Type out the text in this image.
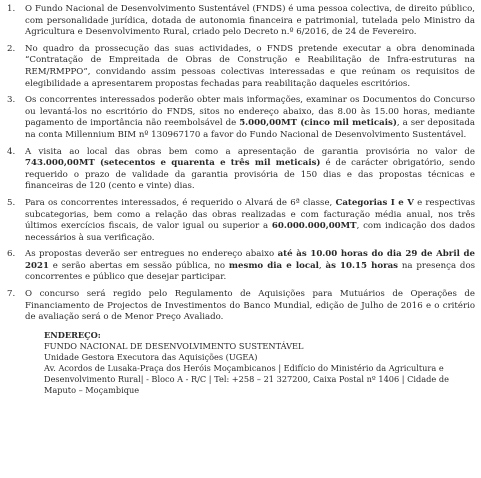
1.	O Fundo Nacional de Desenvolvimento Sustentável (FNDS) é uma pessoa colectiva, de direito público, com personalidade jurídica, dotada de autonomia financeira e patrimonial, tutelada pelo Ministro da Agricultura e Desenvolvimento Rural, criado pelo Decreto n.º 6/2016, de 24 de Fevereiro.
2.	No quadro da prossecução das suas actividades, o FNDS pretende executar a obra denominada “Contratação de Empreitada de Obras de Construção e Reabilitação de Infra-estruturas na REM/RMPPO”, convidando assim pessoas colectivas interessadas e que reúnam os requisitos de elegibilidade a apresentarem propostas fechadas para reabilitação daqueles escritórios.
3.	Os concorrentes interessados poderão obter mais informações, examinar os Documentos do Concurso ou levantá-los no escritório do FNDS, sitos no endereço abaixo, das 8.00 às 15.00 horas, mediante pagamento de importância não reembolsável de 5.000,00MT (cinco mil meticais), a ser depositada na conta Millennium BIM nº 130967170 a favor do Fundo Nacional de Desenvolvimento Sustentável.
4.	A visita ao local das obras bem como a apresentação de garantia provisória no valor de 743.000,00MT (setecentos e quarenta e três mil meticais) é de carácter obrigatório, sendo requerido o prazo de validade da garantia provisória de 150 dias e das propostas técnicas e financeiras de 120 (cento e vinte) dias.
5.	Para os concorrentes interessados, é requerido o Alvará de 6ª classe, Categorias I e V e respectivas subcategorias, bem como a relação das obras realizadas e com facturação média anual, nos três últimos exercícios fiscais, de valor igual ou superior a 60.000.000,00MT, com indicação dos dados necessários à sua verificação.
6.	As propostas deverão ser entregues no endereço abaixo até às 10.00 horas do dia 29 de Abril de 2021 e serão abertas em sessão pública, no mesmo dia e local, às 10.15 horas na presença dos concorrentes e público que desejar participar.
7.	O concurso será regido pelo Regulamento de Aquisições para Mutuários de Operações de Financiamento de Projectos de Investimentos do Banco Mundial, edição de Julho de 2016 e o critério de avaliação será o de Menor Preço Avaliado.
ENDEREÇO:
FUNDO NACIONAL DE DESENVOLVIMENTO SUSTENTÁVEL
Unidade Gestora Executora das Aquisições (UGEA)
Av. Acordos de Lusaka-Praça dos Heróis Moçambicanos | Edifício do Ministério da Agricultura e Desenvolvimento Rural| - Bloco A - R/C | Tel: +258 – 21 327200, Caixa Postal nº 1406 | Cidade de Maputo – Moçambique
